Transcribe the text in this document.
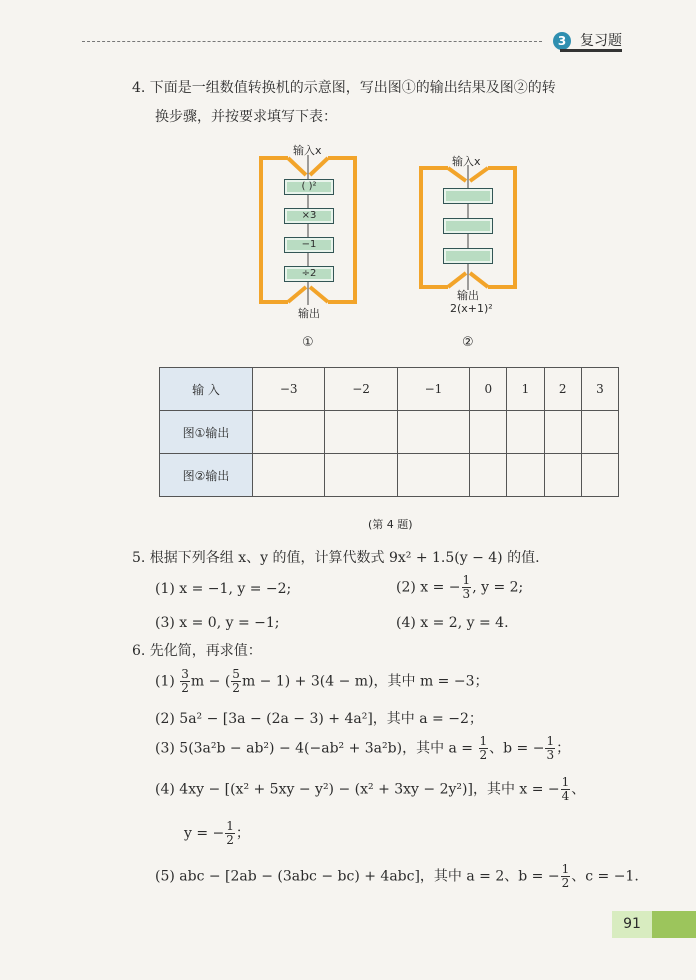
3 复习题
4. 下面是一组数值转换机的示意图，写出图①的输出结果及图②的转
换步骤，并按要求填写下表：
输入x
( )²
×3
−1
÷2
输出
①
输入x
输出
2(x+1)²
②
输 入	−3	−2	−1	0	1	2	3
图①输出							
图②输出							
(第 4 题)
5. 根据下列各组 x、y 的值，计算代数式 9x² + 1.5(y − 4) 的值.
(1) x = −1, y = −2;	(2) x = − $\frac{1}{3}$ , y = 2;
(3) x = 0, y = −1;	(4) x = 2, y = 4.
6. 先化简，再求值：
$(1) \frac{3}{2}$ m − ( $\frac{5}{2}$ m − 1) + 3(4 − m)，其中 m = −3；
(2) 5a² − [3a − (2a − 3) + 4a²]，其中 a = −2；
(3) 5(3a²b − ab²) − 4(−ab² + 3a²b)，其中 $a = \frac{1}{2}$ 、b = − $\frac{1}{3}$ ；
(4) 4xy − [(x² + 5xy − y²) − (x² + 3xy − 2y²)]，其中 x = − $\frac{1}{4}$ 、
y = − $\frac{1}{2}$ ；
(5) abc − [2ab − (3abc − bc) + 4abc]，其中 a = 2、b = − $\frac{1}{2}$ 、c = −1.
91
